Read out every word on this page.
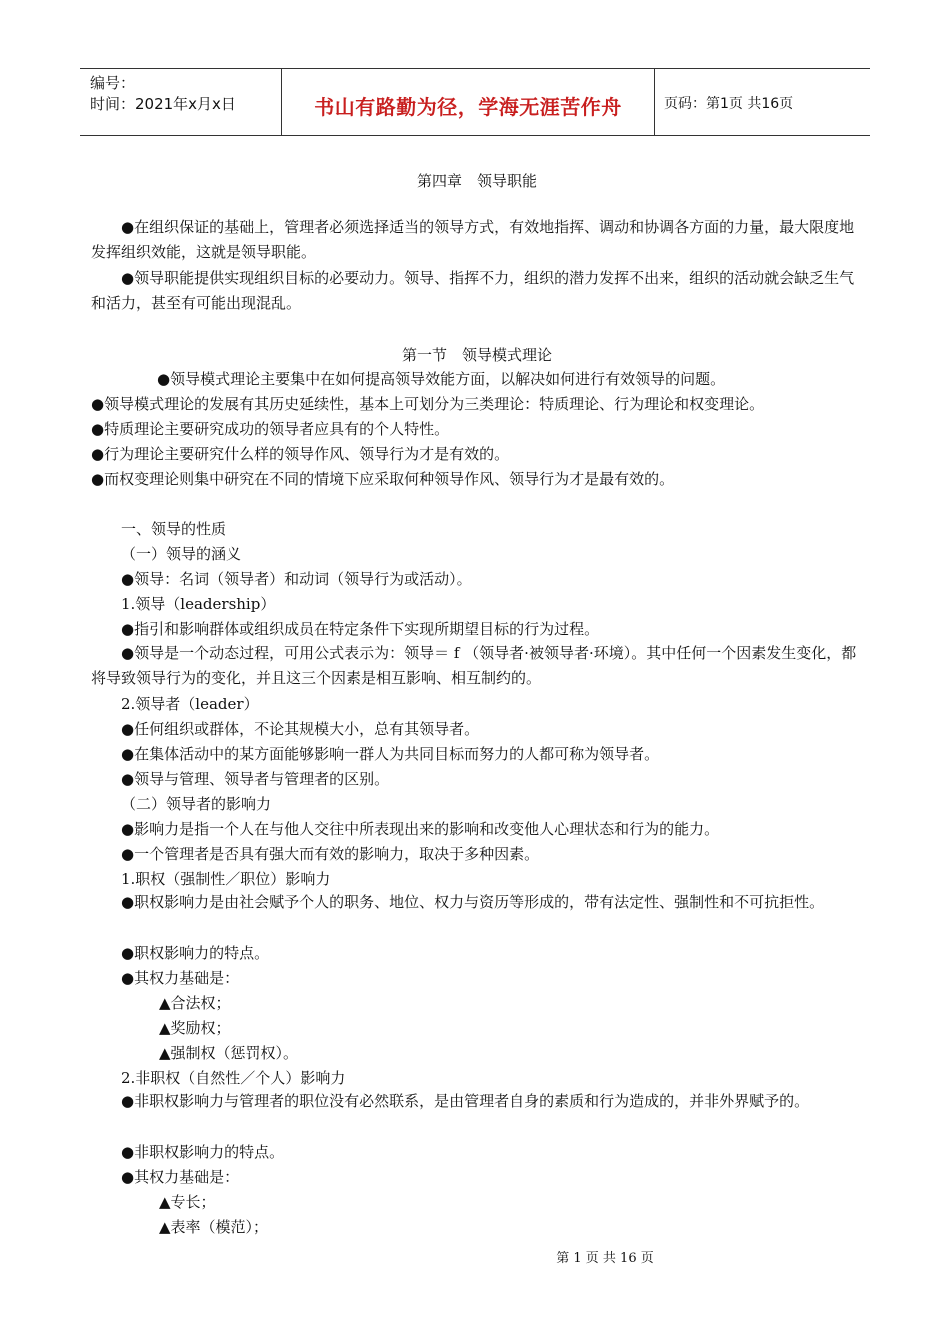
编号：
时间：2021年x月x日	书山有路勤为径，学海无涯苦作舟	页码：第1页 共16页
第四章　领导职能
●在组织保证的基础上，管理者必须选择适当的领导方式，有效地指挥、调动和协调各方面的力量，最大限度地发挥组织效能，这就是领导职能。
●领导职能提供实现组织目标的必要动力。领导、指挥不力，组织的潜力发挥不出来，组织的活动就会缺乏生气和活力，甚至有可能出现混乱。
第一节　领导模式理论
●领导模式理论主要集中在如何提高领导效能方面，以解决如何进行有效领导的问题。
●领导模式理论的发展有其历史延续性，基本上可划分为三类理论：特质理论、行为理论和权变理论。
●特质理论主要研究成功的领导者应具有的个人特性。
●行为理论主要研究什么样的领导作风、领导行为才是有效的。
●而权变理论则集中研究在不同的情境下应采取何种领导作风、领导行为才是最有效的。
一、领导的性质
（一）领导的涵义
●领导：名词（领导者）和动词（领导行为或活动）。
1.领导（leadership）
●指引和影响群体或组织成员在特定条件下实现所期望目标的行为过程。
●领导是一个动态过程，可用公式表示为：领导＝ f （领导者·被领导者·环境）。其中任何一个因素发生变化，都将导致领导行为的变化，并且这三个因素是相互影响、相互制约的。
2.领导者（leader）
●任何组织或群体，不论其规模大小，总有其领导者。
●在集体活动中的某方面能够影响一群人为共同目标而努力的人都可称为领导者。
●领导与管理、领导者与管理者的区别。
（二）领导者的影响力
●影响力是指一个人在与他人交往中所表现出来的影响和改变他人心理状态和行为的能力。
●一个管理者是否具有强大而有效的影响力，取决于多种因素。
1.职权（强制性／职位）影响力
●职权影响力是由社会赋予个人的职务、地位、权力与资历等形成的，带有法定性、强制性和不可抗拒性。
●职权影响力的特点。
●其权力基础是：
▲合法权；
▲奖励权；
▲强制权（惩罚权）。
2.非职权（自然性／个人）影响力
●非职权影响力与管理者的职位没有必然联系，是由管理者自身的素质和行为造成的，并非外界赋予的。
●非职权影响力的特点。
●其权力基础是：
▲专长；
▲表率（模范）；
第 1 页 共 16 页
